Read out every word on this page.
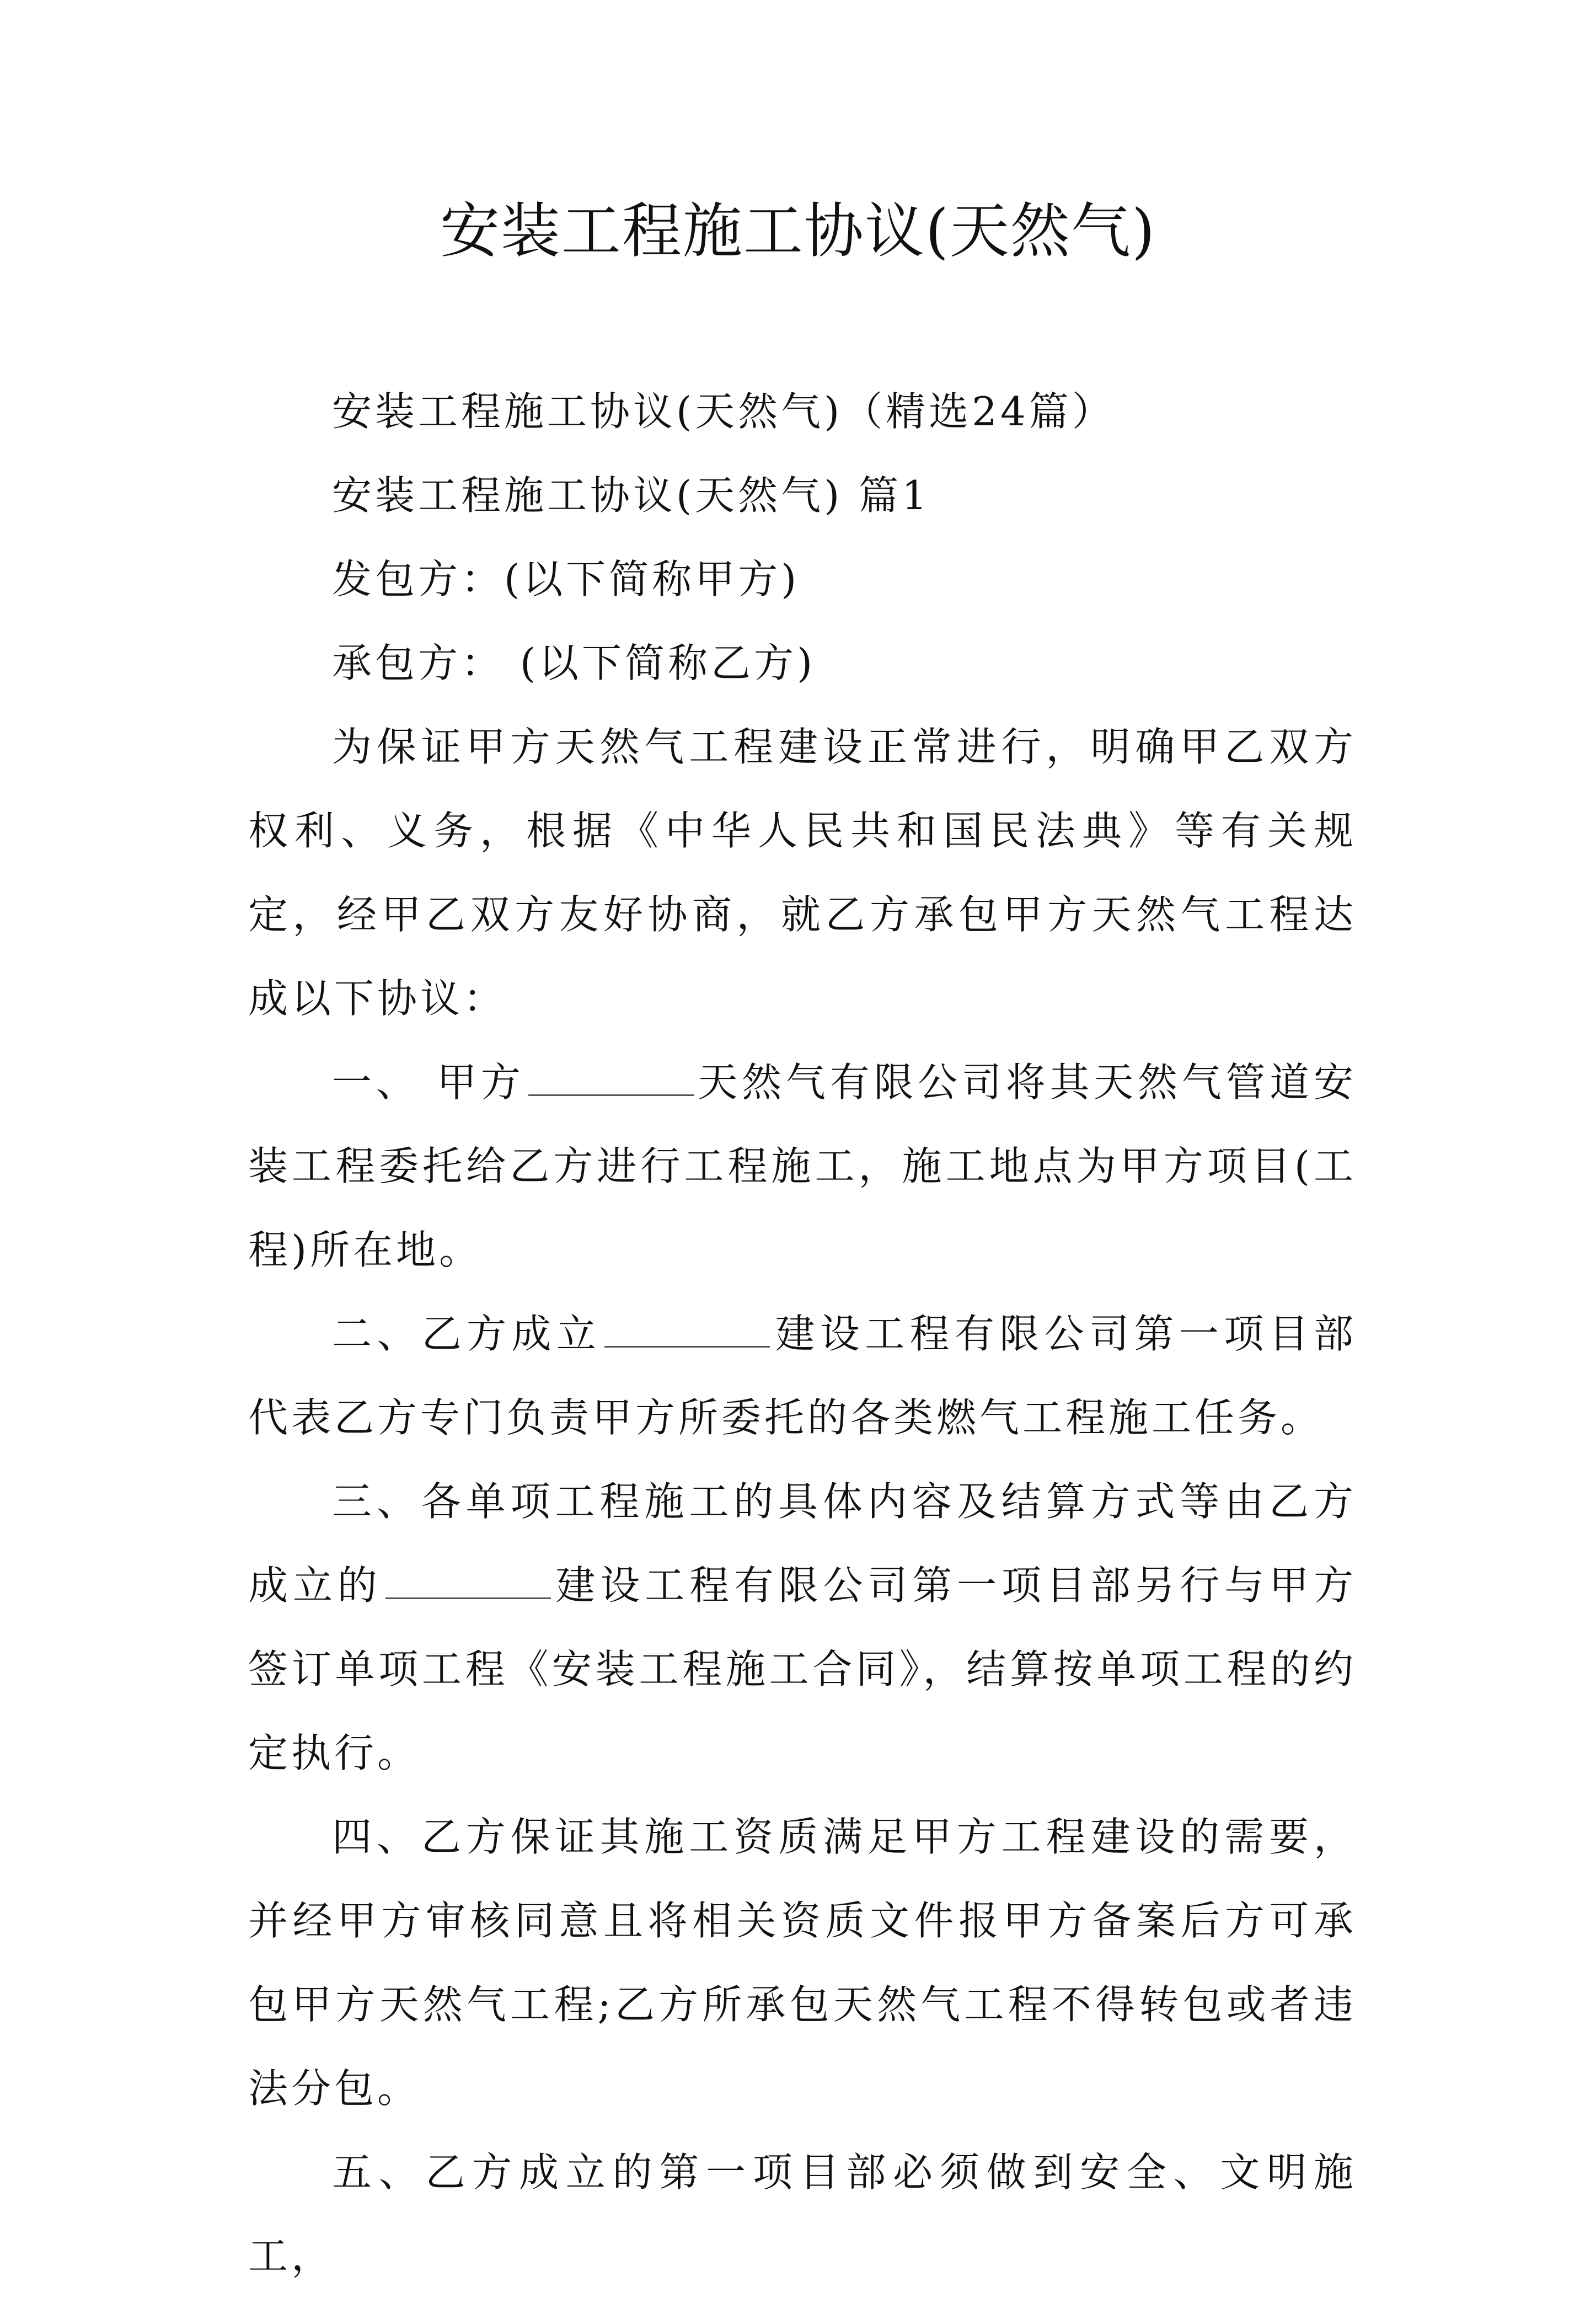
安装工程施工协议(天然气)

安装工程施工协议(天然气)（精选24篇）

安装工程施工协议(天然气) 篇1

发包方：(以下简称甲方)

承包方： (以下简称乙方)

为保证甲方天然气工程建设正常进行，明确甲乙双方权利、义务，根据《中华人民共和国民法典》等有关规定，经甲乙双方友好协商，就乙方承包甲方天然气工程达成以下协议：

一、 甲方	天然气有限公司将其天然气管道安装工程委托给乙方进行工程施工，施工地点为甲方项目(工程)所在地。

二、乙方成立	建设工程有限公司第一项目部代表乙方专门负责甲方所委托的各类燃气工程施工任务。

三、各单项工程施工的具体内容及结算方式等由乙方成立的	建设工程有限公司第一项目部另行与甲方签订单项工程《安装工程施工合同》，结算按单项工程的约定执行。

四、乙方保证其施工资质满足甲方工程建设的需要，并经甲方审核同意且将相关资质文件报甲方备案后方可承包甲方天然气工程;乙方所承包天然气工程不得转包或者违法分包。

五、乙方成立的第一项目部必须做到安全、文明施工，
